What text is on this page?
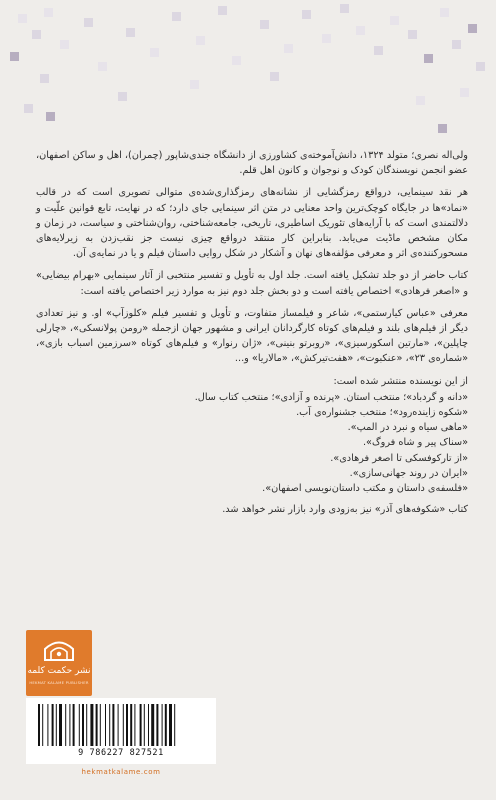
ولی‌اله نصری؛ متولد ۱۳۲۴، دانش‌آموخته‌ی کشاورزی از دانشگاه جندی‌شاپور (چمران)، اهل و ساکن اصفهان، عضو انجمن نویسندگان کودک و نوجوان و کانون اهل قلم.

هر نقد سینمایی، درواقع رمزگشایی از نشانه‌های رمزگذاری‌شده‌ی متوالی تصویری است که در قالب «نماد»ها در جایگاه کوچک‌ترین واحد معنایی در متن اثر سینمایی جای دارد؛ که در نهایت، تابع قوانین علّیت و دلالتمندی است که با آرایه‌های تئوریک اساطیری، تاریخی، جامعه‌شناختی، روان‌شناختی و سیاست، در زمان و مکان مشخص ماڈیت می‌یابد. بنابراین کار منتقد درواقع چیزی نیست جز نقب‌زدن به زیرلایه‌های مسحورکننده‌ی اثر و معرفی مؤلفه‌های نهان و آشکار در شکل روایی داستان فیلم و یا در نمایه‌ی آن.

کتاب حاضر از دو جلد تشکیل یافته است. جلد اول به تأویل و تفسیر منتخبی از آثار سینمایی «بهرام بیضایی» و «اصغر فرهادی» اختصاص یافته است و دو بخش جلد دوم نیز به موارد زیر اختصاص یافته است:

معرفی «عباس کیارستمی»، شاعر و فیلمساز متفاوت، و تأویل و تفسیر فیلم «کلوزآپ» او. و نیز تعدادی دیگر از فیلم‌های بلند و فیلم‌های کوتاه کارگردانان ایرانی و مشهور جهان ازجمله «رومن پولانسکی»، «چارلی چاپلین»، «مارتین اسکورسیزی»، «روبرتو بنینی»، «ژان رنوار» و فیلم‌های کوتاه «سرزمین اسباب بازی»، «شماره‌ی ۲۳»، «عنکبوت»، «هفت‌تیرکش»، «مالاریا» و...

از این نویسنده منتشر شده است:
«دانه و گردباد»؛ منتخب استان. «پرنده و آزادی»؛ منتخب کتاب سال.
«شکوه زاینده‌رود»؛ منتخب جشنواره‌ی آب.
«ماهی سیاه و نبرد در المپ».
«سناک پیر و شاه فروگ».
«از تارکوفسکی تا اصغر فرهادی».
«ایران در روند جهانی‌سازی».
«فلسفه‌ی داستان و مکتب داستان‌نویسی اصفهان».

کتاب «شکوفه‌های آذر» نیز به‌زودی وارد بازار نشر خواهد شد.

نشر حکمت کلمه
HEKMAT KALAME PUBLISHER
9 786227 827521
hekmatkalame.com
